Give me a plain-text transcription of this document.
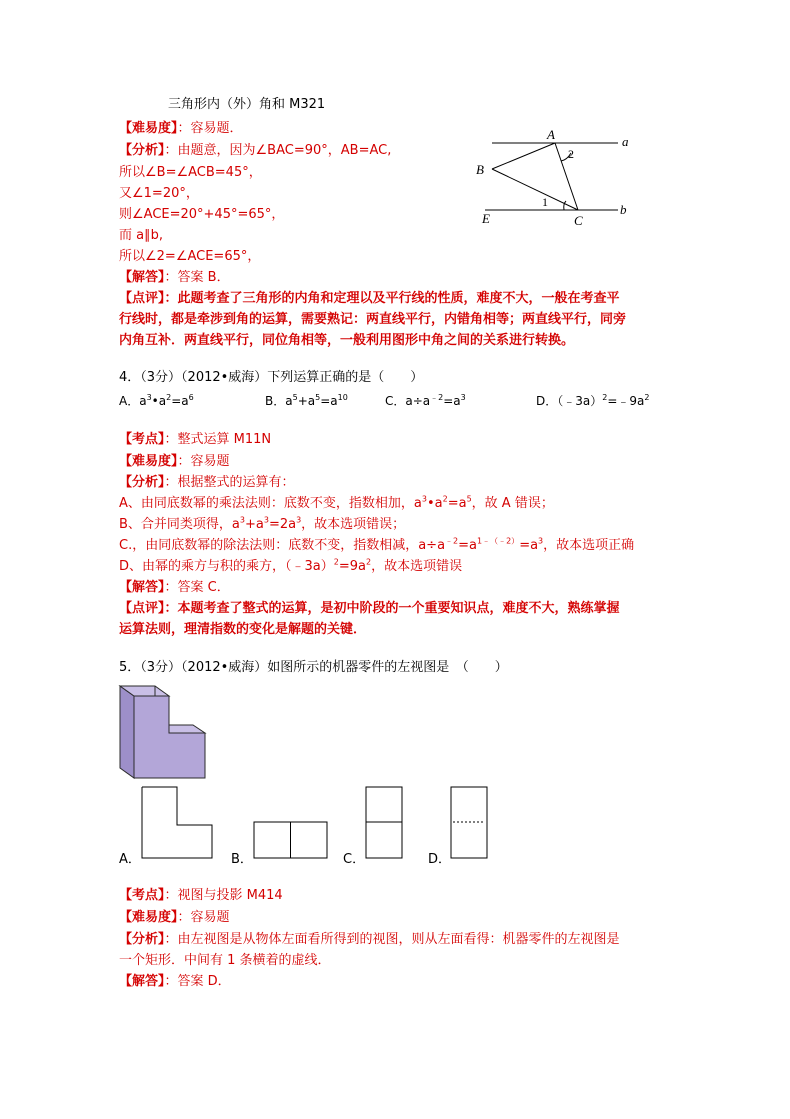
三角形内（外）角和 M321
【难易度】：容易题．
【分析】：由题意，因为∠BAC=90°，AB=AC,
所以∠B=∠ACB=45°，
又∠1=20°，
则∠ACE=20°+45°=65°，
而 a∥b,
所以∠2=∠ACE=65°，
【解答】：答案 B．
【点评】：此题考查了三角形的内角和定理以及平行线的性质，难度不大，一般在考查平
行线时，都是牵涉到角的运算，需要熟记：两直线平行，内错角相等；两直线平行，同旁
内角互补．两直线平行，同位角相等，一般利用图形中角之间的关系进行转换。
A	a
B
2
1
E	C
b
4．（3分）（2012•威海）下列运算正确的是（　　）
A．$a^3•a^2=a^6$	B．$a^5+a^5=a^{10}$	C．$a\div a^{﹣2}=a^3$	D．$(﹣3a)^2=﹣9a^2$
【考点】：整式运算 M11N
【难易度】：容易题
【分析】：根据整式的运算有：
A、由同底数幂的乘法法则：底数不变，指数相加，$a^3•a^2=a^5$，故 A 错误；
B、合并同类项得，$a^3+a^3=2a^3$，故本选项错误；
C.，由同底数幂的除法法则：底数不变，指数相减，$a\div a^{﹣2}=a^{1﹣(﹣2)}=a^3$，故本选项正确
D、由幂的乘方与积的乘方，$(﹣3a)^2=9a^2$，故本选项错误
【解答】：答案 C．
【点评】：本题考查了整式的运算，是初中阶段的一个重要知识点，难度不大，熟练掌握
运算法则，理清指数的变化是解题的关键．
5．（3分）（2012•威海）如图所示的机器零件的左视图是　（　　）
A．	B．	C．	D．
【考点】：视图与投影 M414
【难易度】：容易题
【分析】：由左视图是从物体左面看所得到的视图，则从左面看得：机器零件的左视图是
一个矩形．中间有 1 条横着的虚线．
【解答】：答案 D．
